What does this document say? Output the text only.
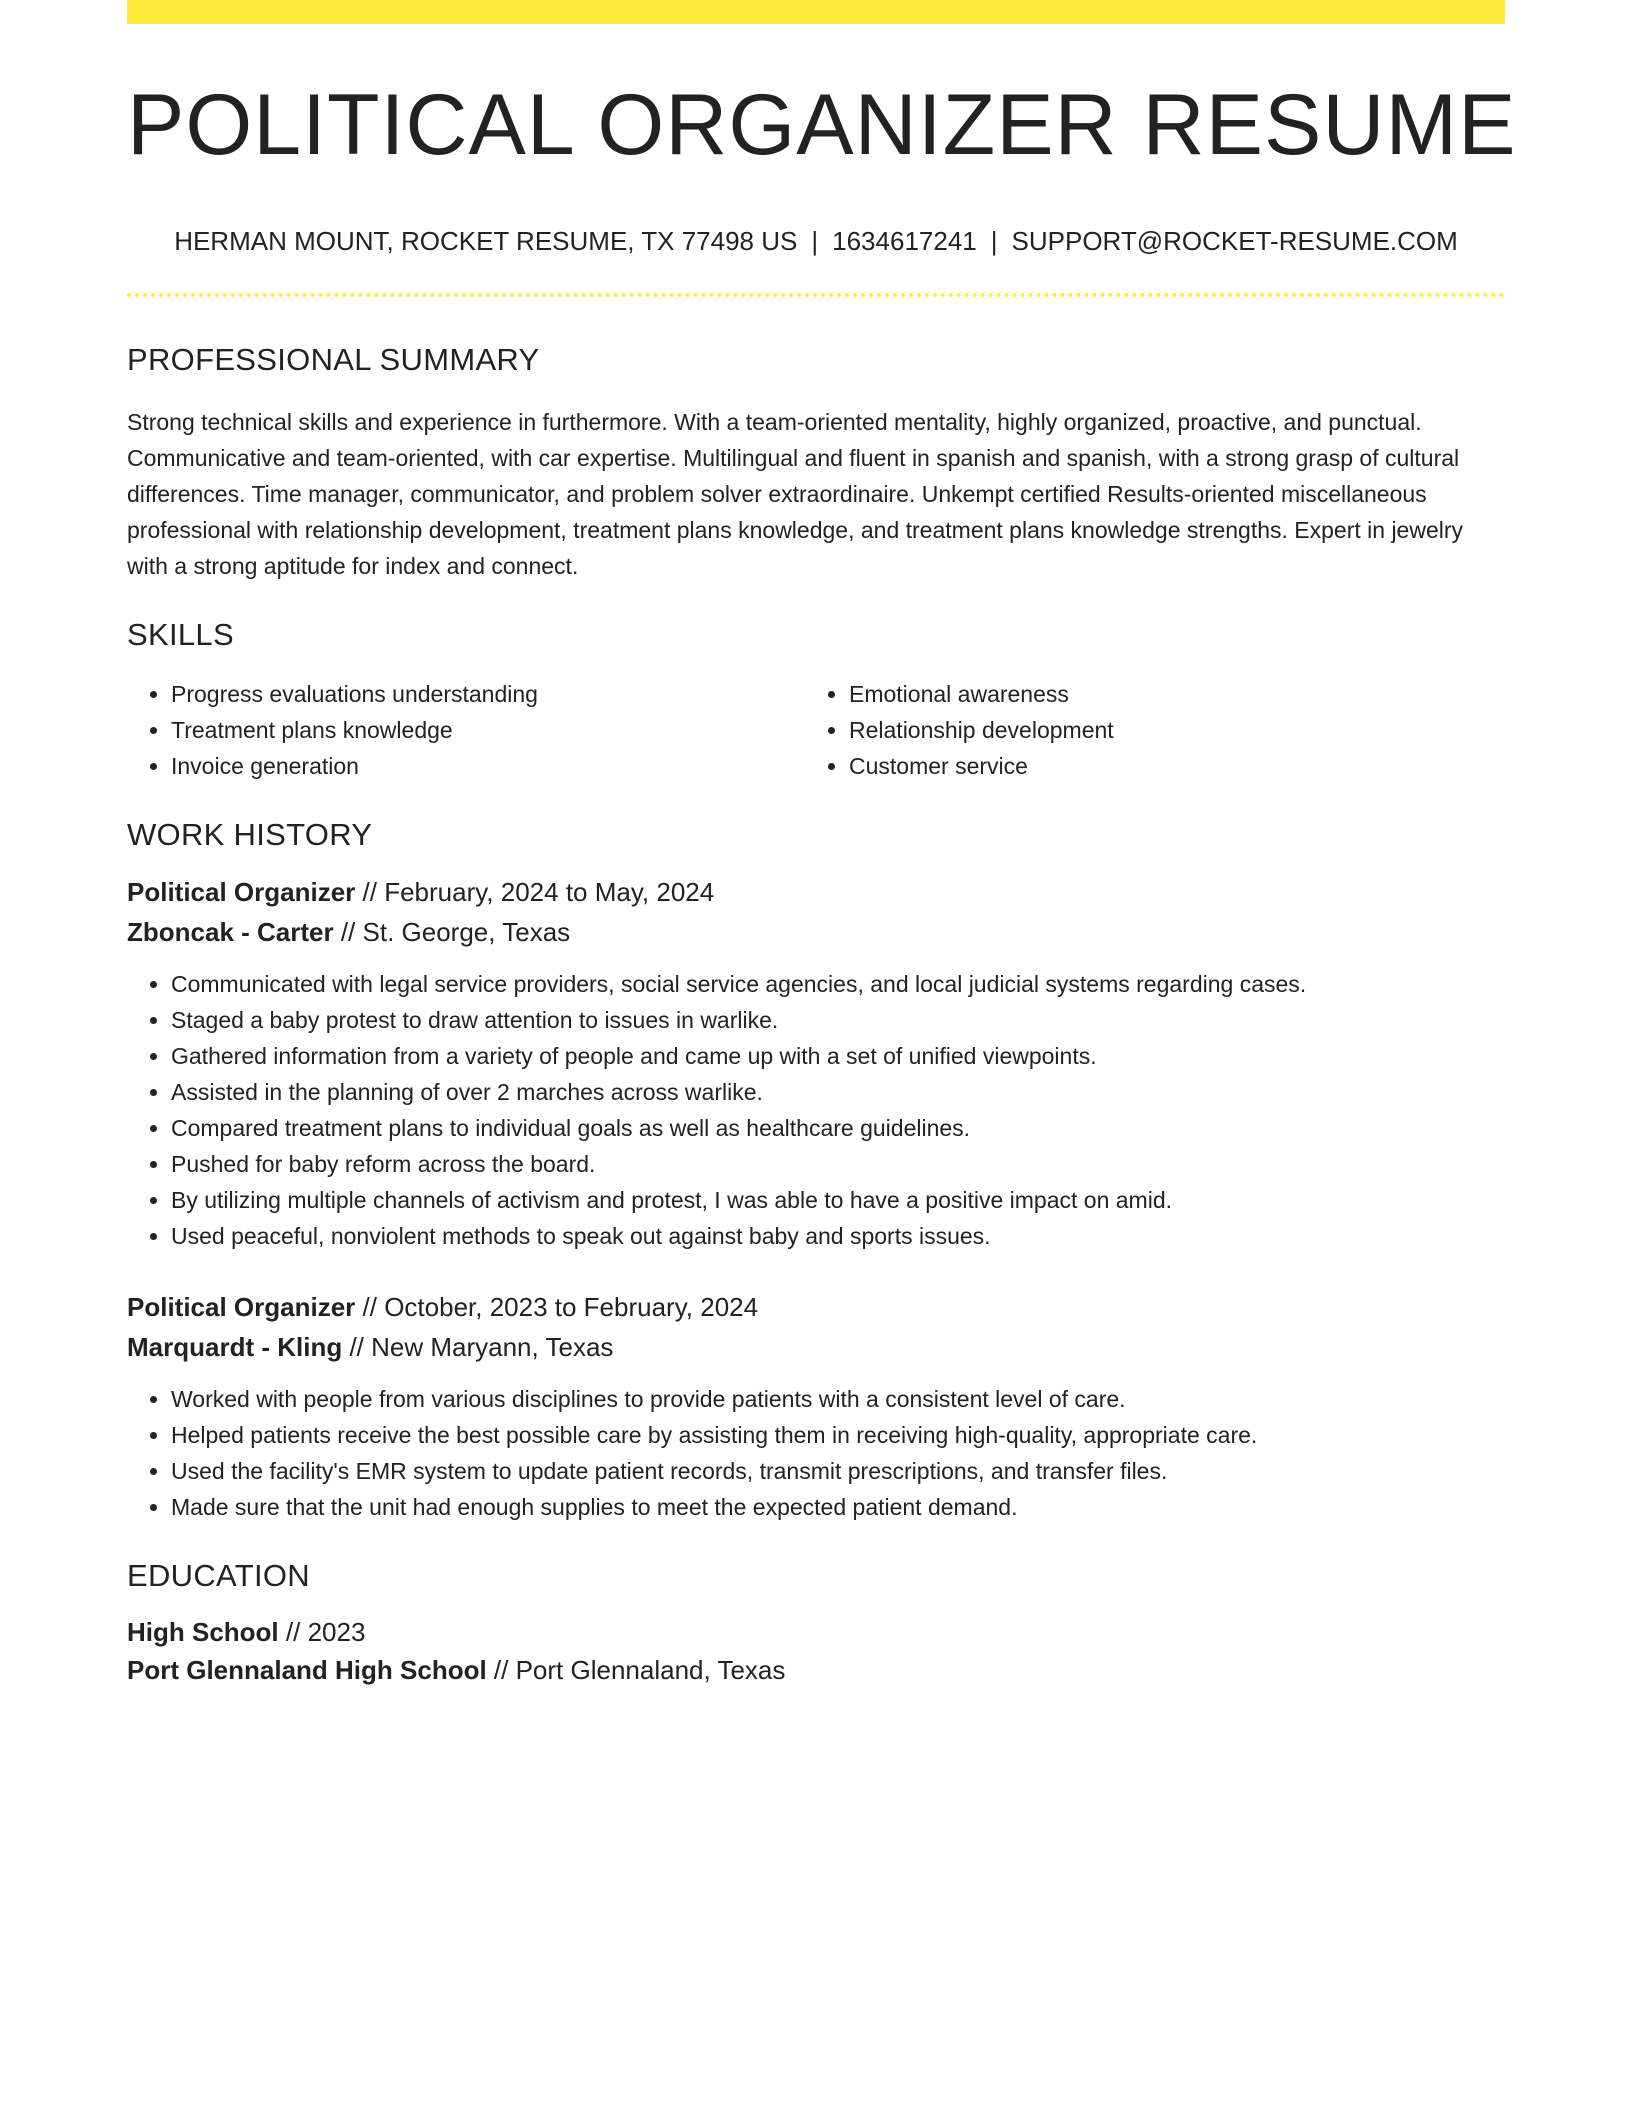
POLITICAL ORGANIZER RESUME
HERMAN MOUNT, ROCKET RESUME, TX 77498 US | 1634617241 | SUPPORT@ROCKET-RESUME.COM
PROFESSIONAL SUMMARY

Strong technical skills and experience in furthermore. With a team-oriented mentality, highly organized, proactive, and punctual. Communicative and team-oriented, with car expertise. Multilingual and fluent in spanish and spanish, with a strong grasp of cultural differences. Time manager, communicator, and problem solver extraordinaire. Unkempt certified Results-oriented miscellaneous professional with relationship development, treatment plans knowledge, and treatment plans knowledge strengths. Expert in jewelry with a strong aptitude for index and connect.

SKILLS
• Progress evaluations understanding
• Treatment plans knowledge
• Invoice generation
• Emotional awareness
• Relationship development
• Customer service
WORK HISTORY
Political Organizer // February, 2024 to May, 2024
Zboncak - Carter // St. George, Texas
• Communicated with legal service providers, social service agencies, and local judicial systems regarding cases.
• Staged a baby protest to draw attention to issues in warlike.
• Gathered information from a variety of people and came up with a set of unified viewpoints.
• Assisted in the planning of over 2 marches across warlike.
• Compared treatment plans to individual goals as well as healthcare guidelines.
• Pushed for baby reform across the board.
• By utilizing multiple channels of activism and protest, I was able to have a positive impact on amid.
• Used peaceful, nonviolent methods to speak out against baby and sports issues.
Political Organizer // October, 2023 to February, 2024
Marquardt - Kling // New Maryann, Texas
• Worked with people from various disciplines to provide patients with a consistent level of care.
• Helped patients receive the best possible care by assisting them in receiving high-quality, appropriate care.
• Used the facility's EMR system to update patient records, transmit prescriptions, and transfer files.
• Made sure that the unit had enough supplies to meet the expected patient demand.
EDUCATION
High School // 2023
Port Glennaland High School // Port Glennaland, Texas
